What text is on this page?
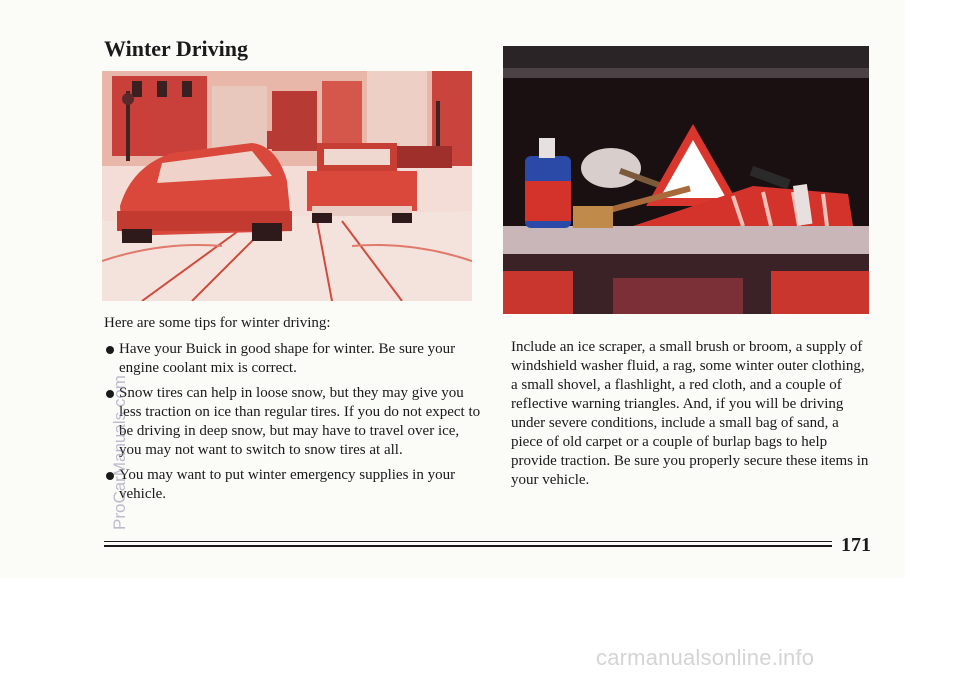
Winter Driving

Here are some tips for winter driving:

Have your Buick in good shape for winter. Be sure your engine coolant mix is correct.
Snow tires can help in loose snow, but they may give you less traction on ice than regular tires. If you do not expect to be driving in deep snow, but may have to travel over ice, you may not want to switch to snow tires at all.
You may want to put winter emergency supplies in your vehicle.

Include an ice scraper, a small brush or broom, a supply of windshield washer fluid, a rag, some winter outer clothing, a small shovel, a flashlight, a red cloth, and a couple of reflective warning triangles. And, if you will be driving under severe conditions, include a small bag of sand, a piece of old carpet or a couple of burlap bags to help provide traction. Be sure you properly secure these items in your vehicle.

171
ProCarManuals.com
carmanualsonline.info
